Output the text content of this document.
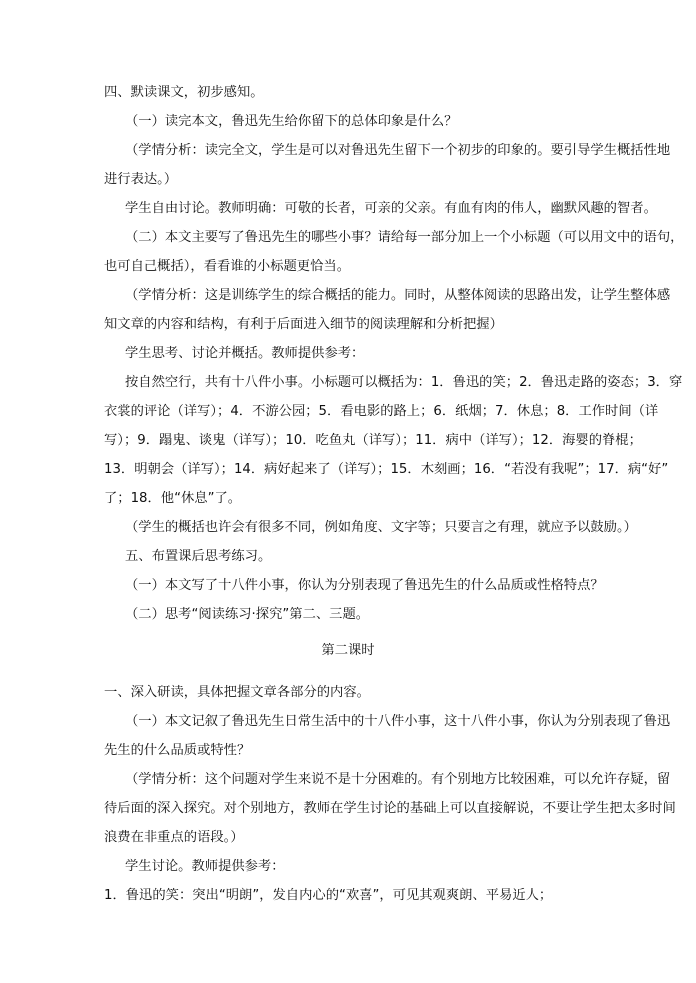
四、默读课文，初步感知。
（一）读完本文，鲁迅先生给你留下的总体印象是什么？
（学情分析：读完全文，学生是可以对鲁迅先生留下一个初步的印象的。要引导学生概括性地
进行表达。）
学生自由讨论。教师明确：可敬的长者，可亲的父亲。有血有肉的伟人，幽默风趣的智者。
（二）本文主要写了鲁迅先生的哪些小事？请给每一部分加上一个小标题（可以用文中的语句，
也可自己概括），看看谁的小标题更恰当。
（学情分析：这是训练学生的综合概括的能力。同时，从整体阅读的思路出发，让学生整体感
知文章的内容和结构，有利于后面进入细节的阅读理解和分析把握）
学生思考、讨论并概括。教师提供参考：
按自然空行，共有十八件小事。小标题可以概括为：1．鲁迅的笑；2．鲁迅走路的姿态；3．穿
衣裳的评论（详写）；4．不游公园；5．看电影的路上；6．纸烟；7．休息；8．工作时间（详
写）；9．蹋鬼、谈鬼（详写）；10．吃鱼丸（详写）；11．病中（详写）；12．海婴的脊棍；
13．明朝会（详写）；14．病好起来了（详写）；15．木刻画；16．“若没有我呢”；17．病“好”
了；18．他“休息”了。
（学生的概括也许会有很多不同，例如角度、文字等；只要言之有理，就应予以鼓励。）
五、布置课后思考练习。
（一）本文写了十八件小事，你认为分别表现了鲁迅先生的什么品质或性格特点？
（二）思考“阅读练习·探究”第二、三题。
第二课时
一、深入研读，具体把握文章各部分的内容。
（一）本文记叙了鲁迅先生日常生活中的十八件小事，这十八件小事，你认为分别表现了鲁迅
先生的什么品质或特性？
（学情分析：这个问题对学生来说不是十分困难的。有个别地方比较困难，可以允许存疑，留
待后面的深入探究。对个别地方，教师在学生讨论的基础上可以直接解说，不要让学生把太多时间
浪费在非重点的语段。）
学生讨论。教师提供参考：
1．鲁迅的笑：突出“明朗”，发自内心的“欢喜”，可见其观爽朗、平易近人；
